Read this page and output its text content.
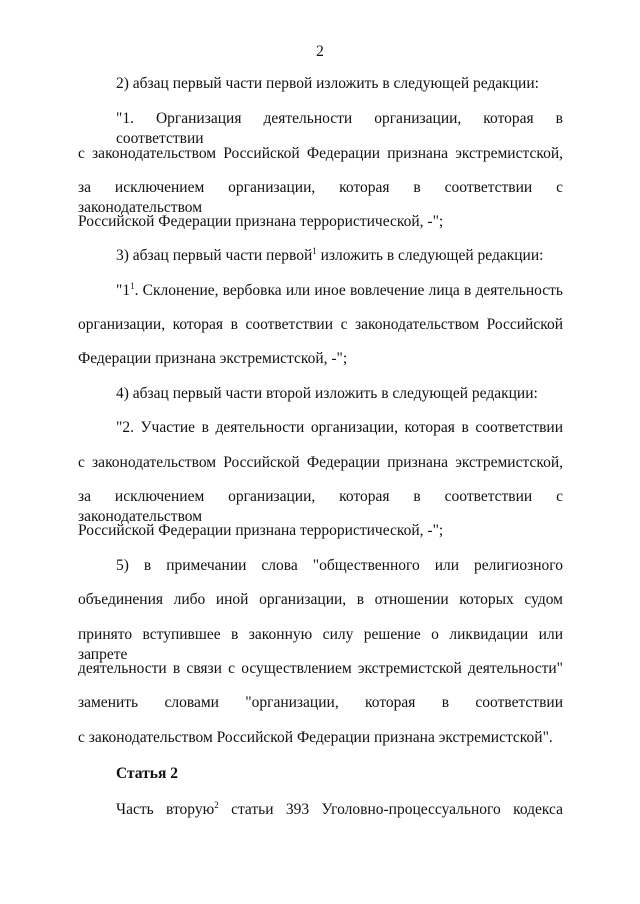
2
2) абзац первый части первой изложить в следующей редакции:
"1. Организация деятельности организации, которая в соответствии
с законодательством Российской Федерации признана экстремистской,
за исключением организации, которая в соответствии с законодательством
Российской Федерации признана террористической, -";
3) абзац первый части первой$^1$ изложить в следующей редакции:
"$1^1$. Склонение, вербовка или иное вовлечение лица в деятельность
организации, которая в соответствии с законодательством Российской
Федерации признана экстремистской, -";
4) абзац первый части второй изложить в следующей редакции:
"2. Участие в деятельности организации, которая в соответствии
с законодательством Российской Федерации признана экстремистской,
за исключением организации, которая в соответствии с законодательством
Российской Федерации признана террористической, -";
5) в примечании слова "общественного или религиозного
объединения либо иной организации, в отношении которых судом
принято вступившее в законную силу решение о ликвидации или запрете
деятельности в связи с осуществлением экстремистской деятельности"
заменить словами "организации, которая в соответствии
с законодательством Российской Федерации признана экстремистской".
Статья 2
Часть вторую$^2$ статьи 393 Уголовно-процессуального кодекса
